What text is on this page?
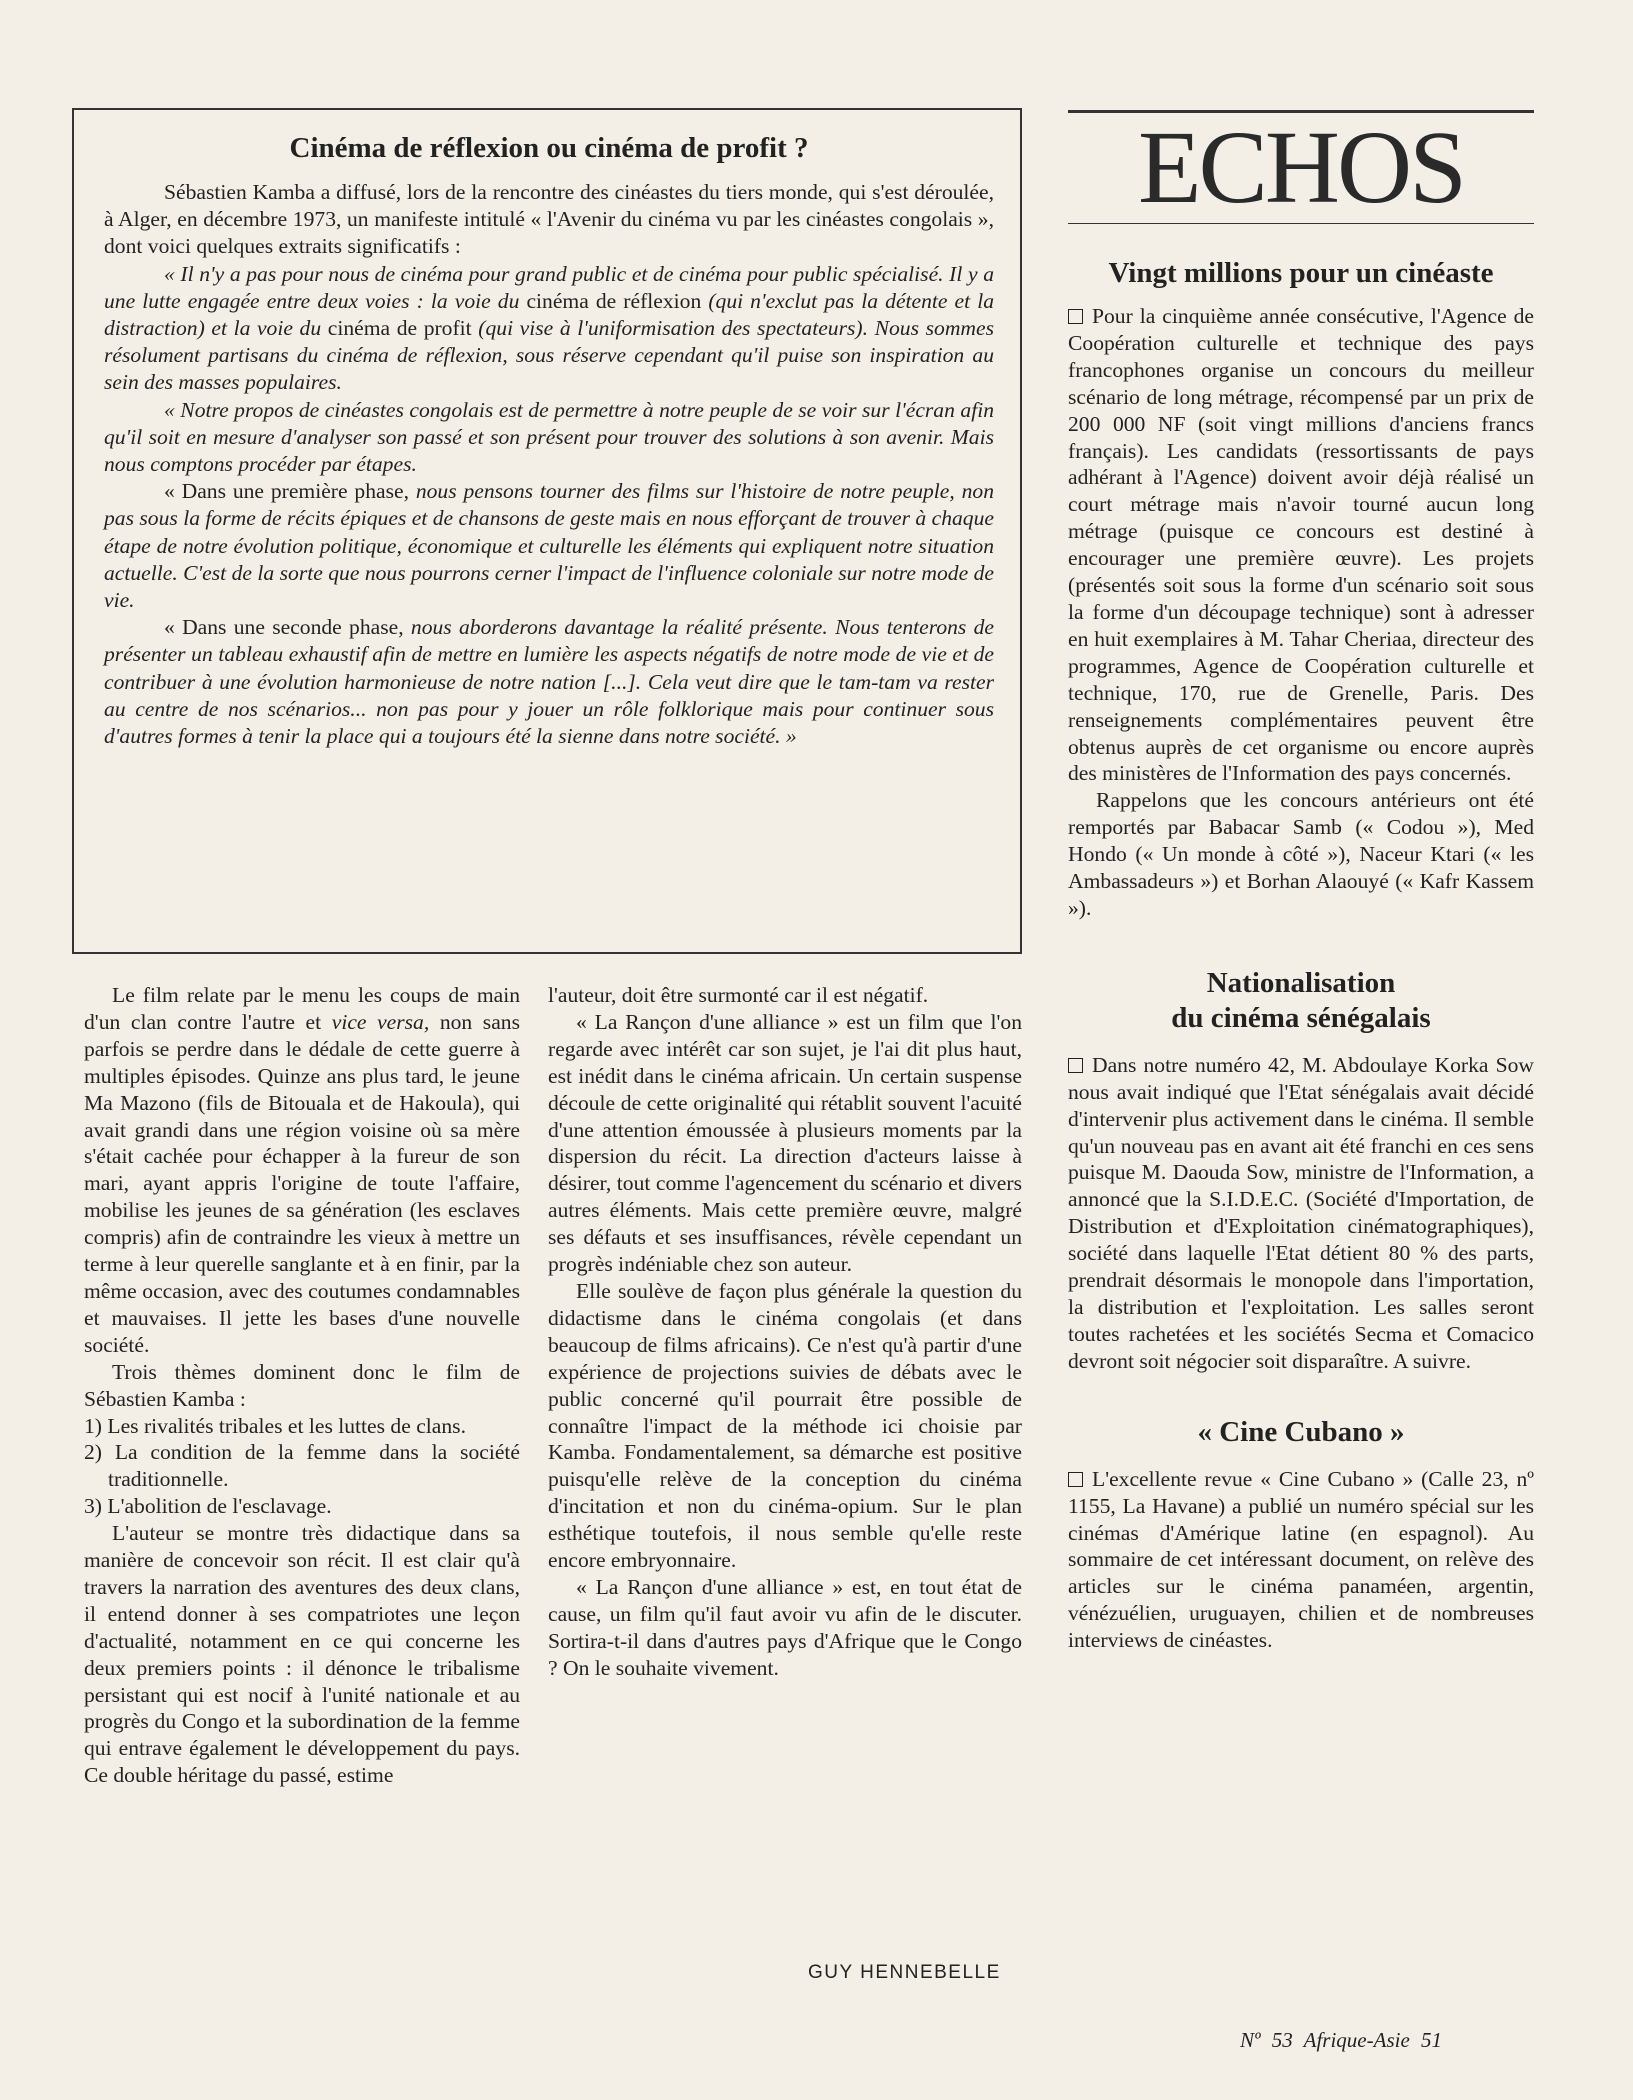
Cinéma de réflexion ou cinéma de profit ?

Sébastien Kamba a diffusé, lors de la rencontre des cinéastes du tiers monde, qui s'est déroulée, à Alger, en décembre 1973, un manifeste intitulé « l'Avenir du cinéma vu par les cinéastes congolais », dont voici quelques extraits significatifs :

« Il n'y a pas pour nous de cinéma pour grand public et de cinéma pour public spécialisé. Il y a une lutte engagée entre deux voies : la voie du cinéma de réflexion (qui n'exclut pas la détente et la distraction) et la voie du cinéma de profit (qui vise à l'uniformisation des spectateurs). Nous sommes résolument partisans du cinéma de réflexion, sous réserve cependant qu'il puise son inspiration au sein des masses populaires.

« Notre propos de cinéastes congolais est de permettre à notre peuple de se voir sur l'écran afin qu'il soit en mesure d'analyser son passé et son présent pour trouver des solutions à son avenir. Mais nous comptons procéder par étapes.

« Dans une première phase, nous pensons tourner des films sur l'histoire de notre peuple, non pas sous la forme de récits épiques et de chansons de geste mais en nous efforçant de trouver à chaque étape de notre évolution politique, économique et culturelle les éléments qui expliquent notre situation actuelle. C'est de la sorte que nous pourrons cerner l'impact de l'influence coloniale sur notre mode de vie.

« Dans une seconde phase, nous aborderons davantage la réalité présente. Nous tenterons de présenter un tableau exhaustif afin de mettre en lumière les aspects négatifs de notre mode de vie et de contribuer à une évolution harmonieuse de notre nation [...]. Cela veut dire que le tam-tam va rester au centre de nos scénarios... non pas pour y jouer un rôle folklorique mais pour continuer sous d'autres formes à tenir la place qui a toujours été la sienne dans notre société. »

Le film relate par le menu les coups de main d'un clan contre l'autre et vice versa, non sans parfois se perdre dans le dédale de cette guerre à multiples épisodes. Quinze ans plus tard, le jeune Ma Mazono (fils de Bitouala et de Hakoula), qui avait grandi dans une région voisine où sa mère s'était cachée pour échapper à la fureur de son mari, ayant appris l'origine de toute l'affaire, mobilise les jeunes de sa génération (les esclaves compris) afin de contraindre les vieux à mettre un terme à leur querelle sanglante et à en finir, par la même occasion, avec des coutumes condamnables et mauvaises. Il jette les bases d'une nouvelle société.

Trois thèmes dominent donc le film de Sébastien Kamba :

1) Les rivalités tribales et les luttes de clans.
2) La condition de la femme dans la société traditionnelle.
3) L'abolition de l'esclavage.

L'auteur se montre très didactique dans sa manière de concevoir son récit. Il est clair qu'à travers la narration des aventures des deux clans, il entend donner à ses compatriotes une leçon d'actualité, notamment en ce qui concerne les deux premiers points : il dénonce le tribalisme persistant qui est nocif à l'unité nationale et au progrès du Congo et la subordination de la femme qui entrave également le développement du pays. Ce double héritage du passé, estime

l'auteur, doit être surmonté car il est négatif.

« La Rançon d'une alliance » est un film que l'on regarde avec intérêt car son sujet, je l'ai dit plus haut, est inédit dans le cinéma africain. Un certain suspense découle de cette originalité qui rétablit souvent l'acuité d'une attention émoussée à plusieurs moments par la dispersion du récit. La direction d'acteurs laisse à désirer, tout comme l'agencement du scénario et divers autres éléments. Mais cette première œuvre, malgré ses défauts et ses insuffisances, révèle cependant un progrès indéniable chez son auteur.

Elle soulève de façon plus générale la question du didactisme dans le cinéma congolais (et dans beaucoup de films africains). Ce n'est qu'à partir d'une expérience de projections suivies de débats avec le public concerné qu'il pourrait être possible de connaître l'impact de la méthode ici choisie par Kamba. Fondamentalement, sa démarche est positive puisqu'elle relève de la conception du cinéma d'incitation et non du cinéma-opium. Sur le plan esthétique toutefois, il nous semble qu'elle reste encore embryonnaire.

« La Rançon d'une alliance » est, en tout état de cause, un film qu'il faut avoir vu afin de le discuter. Sortira-t-il dans d'autres pays d'Afrique que le Congo ? On le souhaite vivement.

GUY HENNEBELLE
ECHOS
Vingt millions pour un cinéaste

Pour la cinquième année consécutive, l'Agence de Coopération culturelle et technique des pays francophones organise un concours du meilleur scénario de long métrage, récompensé par un prix de 200 000 NF (soit vingt millions d'anciens francs français). Les candidats (ressortissants de pays adhérant à l'Agence) doivent avoir déjà réalisé un court métrage mais n'avoir tourné aucun long métrage (puisque ce concours est destiné à encourager une première œuvre). Les projets (présentés soit sous la forme d'un scénario soit sous la forme d'un découpage technique) sont à adresser en huit exemplaires à M. Tahar Cheriaa, directeur des programmes, Agence de Coopération culturelle et technique, 170, rue de Grenelle, Paris. Des renseignements complémentaires peuvent être obtenus auprès de cet organisme ou encore auprès des ministères de l'Information des pays concernés.

Rappelons que les concours antérieurs ont été remportés par Babacar Samb (« Codou »), Med Hondo (« Un monde à côté »), Naceur Ktari (« les Ambassadeurs ») et Borhan Alaouyé (« Kafr Kassem »).

Nationalisation
du cinéma sénégalais

Dans notre numéro 42, M. Abdoulaye Korka Sow nous avait indiqué que l'Etat sénégalais avait décidé d'intervenir plus activement dans le cinéma. Il semble qu'un nouveau pas en avant ait été franchi en ces sens puisque M. Daouda Sow, ministre de l'Information, a annoncé que la S.I.D.E.C. (Société d'Importation, de Distribution et d'Exploitation cinématographiques), société dans laquelle l'Etat détient 80 % des parts, prendrait désormais le monopole dans l'importation, la distribution et l'exploitation. Les salles seront toutes rachetées et les sociétés Secma et Comacico devront soit négocier soit disparaître. A suivre.

« Cine Cubano »

L'excellente revue « Cine Cubano » (Calle 23, nº 1155, La Havane) a publié un numéro spécial sur les cinémas d'Amérique latine (en espagnol). Au sommaire de cet intéressant document, on relève des articles sur le cinéma panaméen, argentin, vénézuélien, uruguayen, chilien et de nombreuses interviews de cinéastes.

Nº 53 Afrique-Asie 51
